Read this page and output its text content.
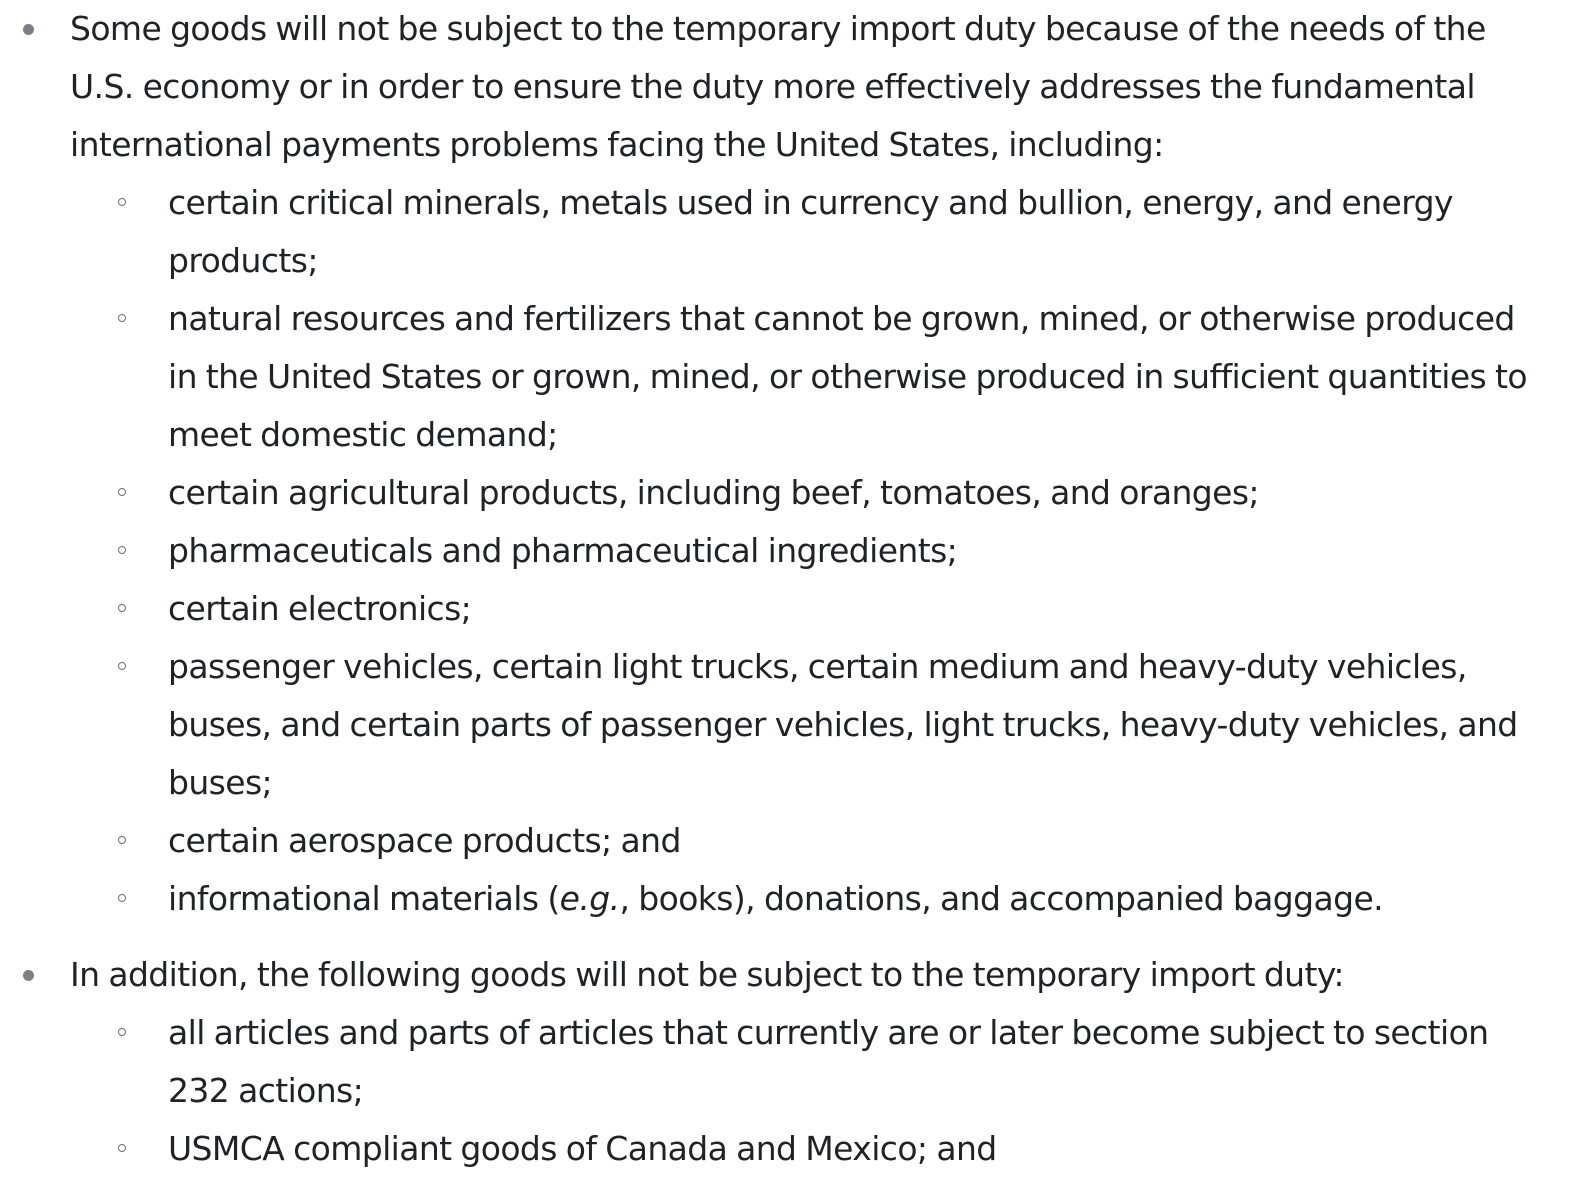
Some goods will not be subject to the temporary import duty because of the needs of the U.S. economy or in order to ensure the duty more effectively addresses the fundamental international payments problems facing the United States, including:
certain critical minerals, metals used in currency and bullion, energy, and energy products;
natural resources and fertilizers that cannot be grown, mined, or otherwise produced in the United States or grown, mined, or otherwise produced in sufficient quantities to meet domestic demand;
certain agricultural products, including beef, tomatoes, and oranges;
pharmaceuticals and pharmaceutical ingredients;
certain electronics;
passenger vehicles, certain light trucks, certain medium and heavy-duty vehicles, buses, and certain parts of passenger vehicles, light trucks, heavy-duty vehicles, and buses;
certain aerospace products; and
informational materials (e.g., books), donations, and accompanied baggage.
In addition, the following goods will not be subject to the temporary import duty:
all articles and parts of articles that currently are or later become subject to section 232 actions;
USMCA compliant goods of Canada and Mexico; and
